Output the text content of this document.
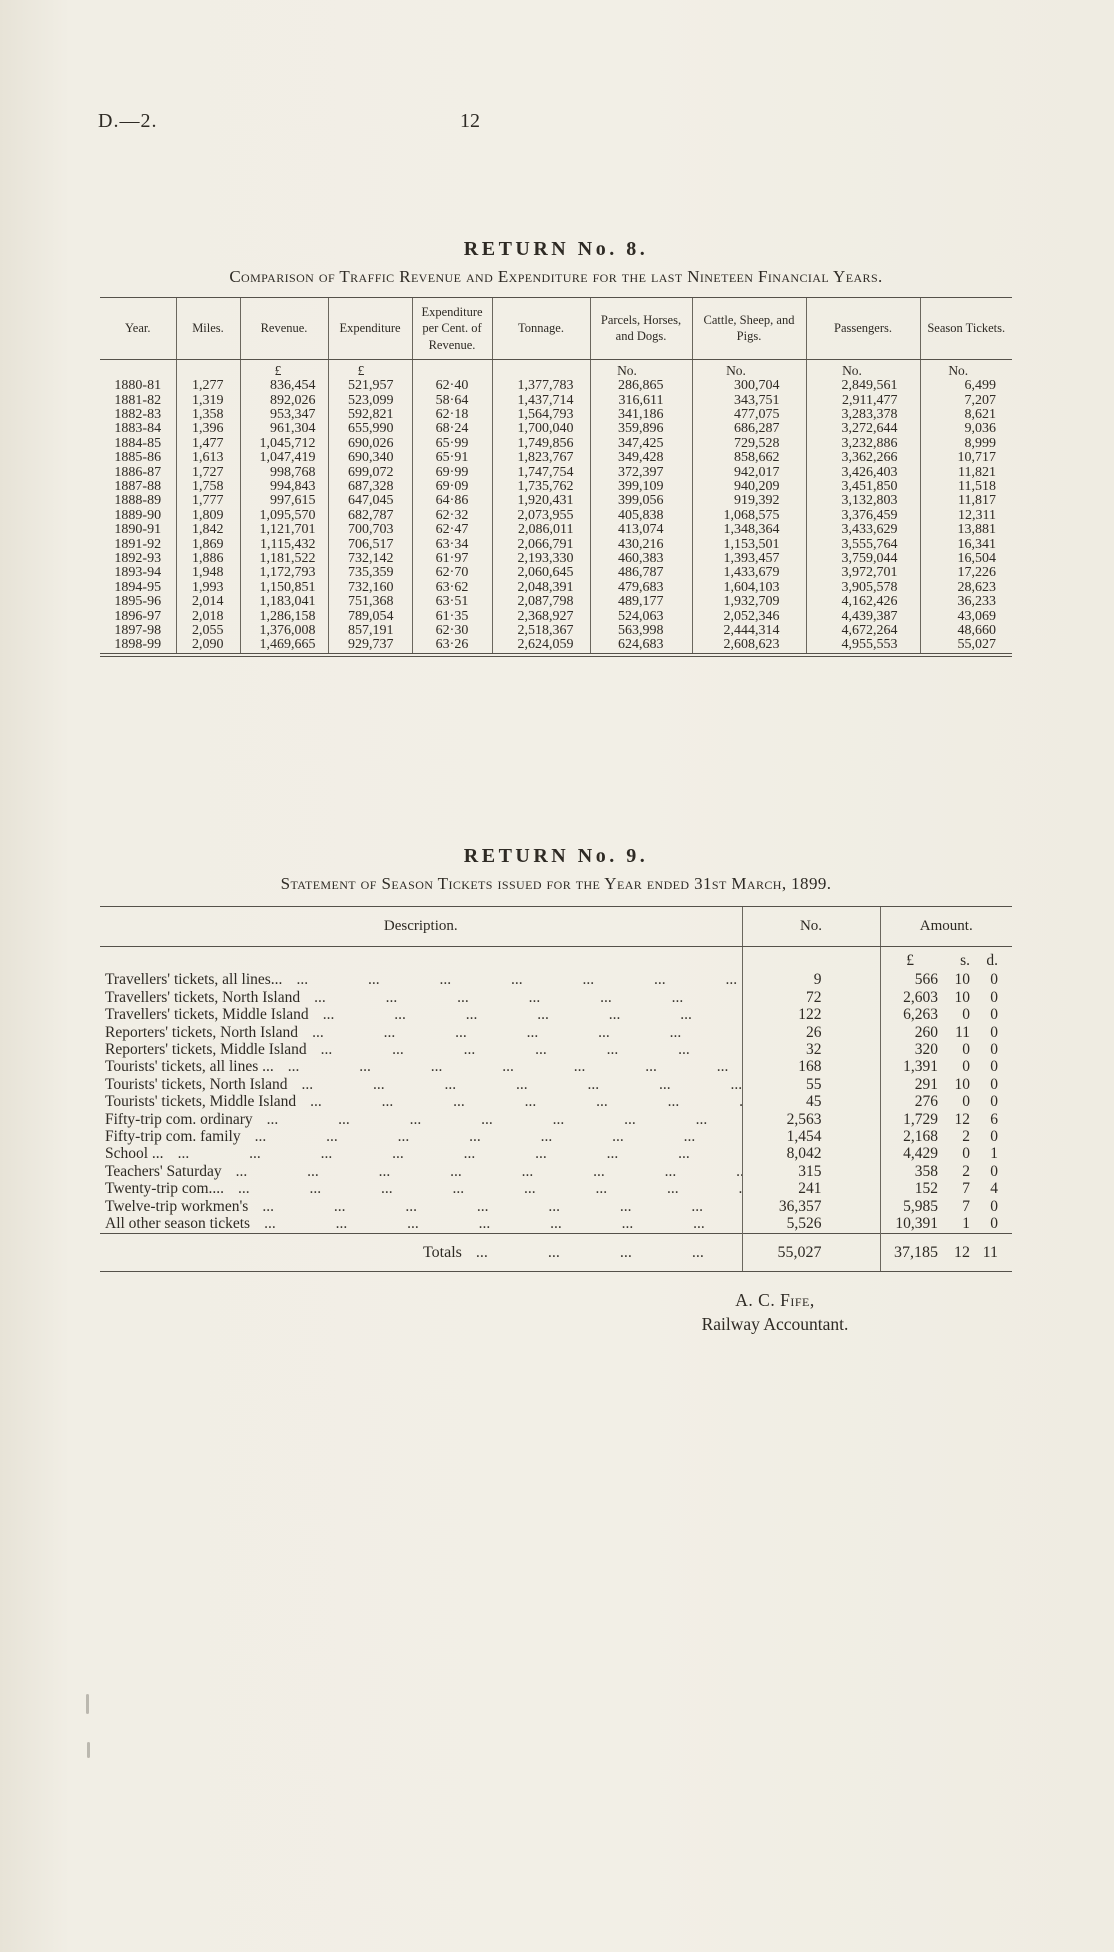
D.—2.	12
RETURN No. 8.
Comparison of Traffic Revenue and Expenditure for the last Nineteen Financial Years.
Year.	Miles.	Revenue.	Expenditure	Expenditure per Cent. of Revenue.	Tonnage.	Parcels, Horses, and Dogs.	Cattle, Sheep, and Pigs.	Passengers.	Season Tickets.
		£	£			No.	No.	No.	No.
1880-81	1,277	836,454	521,957	62·40	1,377,783	286,865	300,704	2,849,561	6,499
1881-82	1,319	892,026	523,099	58·64	1,437,714	316,611	343,751	2,911,477	7,207
1882-83	1,358	953,347	592,821	62·18	1,564,793	341,186	477,075	3,283,378	8,621
1883-84	1,396	961,304	655,990	68·24	1,700,040	359,896	686,287	3,272,644	9,036
1884-85	1,477	1,045,712	690,026	65·99	1,749,856	347,425	729,528	3,232,886	8,999
1885-86	1,613	1,047,419	690,340	65·91	1,823,767	349,428	858,662	3,362,266	10,717
1886-87	1,727	998,768	699,072	69·99	1,747,754	372,397	942,017	3,426,403	11,821
1887-88	1,758	994,843	687,328	69·09	1,735,762	399,109	940,209	3,451,850	11,518
1888-89	1,777	997,615	647,045	64·86	1,920,431	399,056	919,392	3,132,803	11,817
1889-90	1,809	1,095,570	682,787	62·32	2,073,955	405,838	1,068,575	3,376,459	12,311
1890-91	1,842	1,121,701	700,703	62·47	2,086,011	413,074	1,348,364	3,433,629	13,881
1891-92	1,869	1,115,432	706,517	63·34	2,066,791	430,216	1,153,501	3,555,764	16,341
1892-93	1,886	1,181,522	732,142	61·97	2,193,330	460,383	1,393,457	3,759,044	16,504
1893-94	1,948	1,172,793	735,359	62·70	2,060,645	486,787	1,433,679	3,972,701	17,226
1894-95	1,993	1,150,851	732,160	63·62	2,048,391	479,683	1,604,103	3,905,578	28,623
1895-96	2,014	1,183,041	751,368	63·51	2,087,798	489,177	1,932,709	4,162,426	36,233
1896-97	2,018	1,286,158	789,054	61·35	2,368,927	524,063	2,052,346	4,439,387	43,069
1897-98	2,055	1,376,008	857,191	62·30	2,518,367	563,998	2,444,314	4,672,264	48,660
1898-99	2,090	1,469,665	929,737	63·26	2,624,059	624,683	2,608,623	4,955,553	55,027
RETURN No. 9.
Statement of Season Tickets issued for the Year ended 31st March, 1899.
Description.	No.	Amount.

		£ s. d.

Travellers' tickets, all lines...
... .	9	566 10 0

Travellers' tickets, North Island
... .	72	2,603 10 0

Travellers' tickets, Middle Island
... .	122	6,263 0 0

Reporters' tickets, North Island
... .	26	260 11 0

Reporters' tickets, Middle Island
... .	32	320 0 0

Tourists' tickets, all lines ...
... .	168	1,391 0 0

Tourists' tickets, North Island
... .	55	291 10 0

Tourists' tickets, Middle Island
... .	45	276 0 0

Fifty-trip com. ordinary
... .	2,563	1,729 12 6

Fifty-trip com. family
... .	1,454	2,168 2 0

School ...
... .	8,042	4,429 0 1

Teachers' Saturday
... .	315	358 2 0

Twenty-trip com....
... .	241	152 7 4

Twelve-trip workmen's
... .	36,357	5,985 7 0

All other season tickets
... .	5,526	10,391 1 0

Totals
... .	55,027	37,185 12 11
A. C. Fife,
Railway Accountant.
